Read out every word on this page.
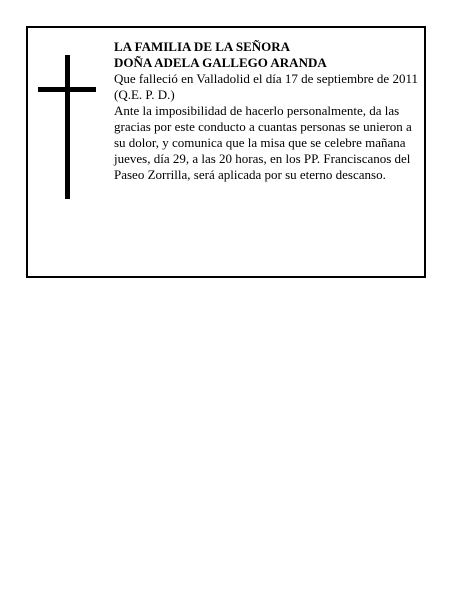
LA FAMILIA DE LA SEÑORA

DOÑA ADELA GALLEGO ARANDA

Que falleció en Valladolid el día 17 de septiembre de 2011

(Q.E. P. D.)

Ante la imposibilidad de hacerlo personalmente, da las gracias por este conducto a cuantas personas se unieron a su dolor, y comunica que la misa que se celebre mañana jueves, día 29, a las 20 horas, en los PP. Franciscanos del Paseo Zorrilla, será aplicada por su eterno descanso.
